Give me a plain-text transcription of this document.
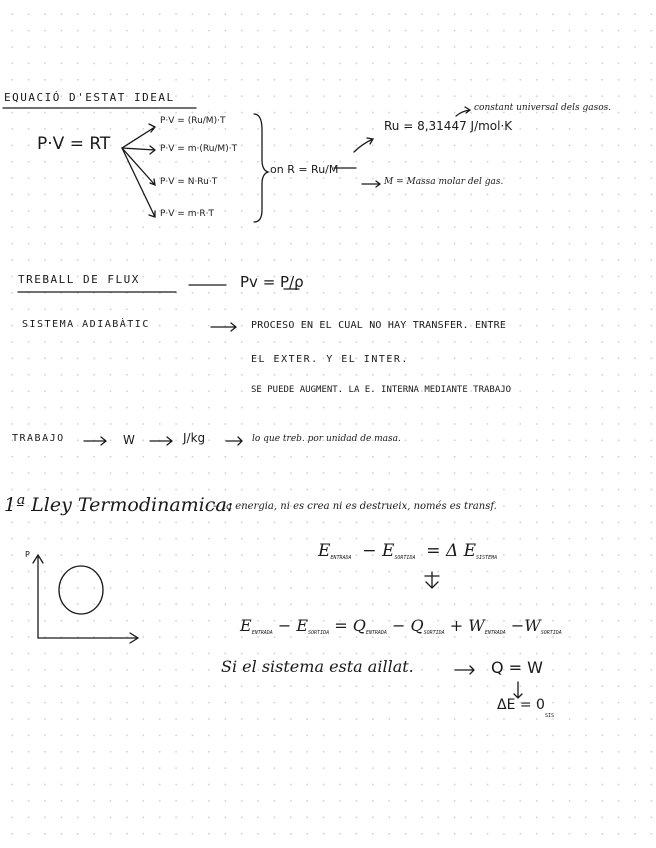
EQUACIÓ D'ESTAT IDEAL
P·V = RT
P·V = (Ru/M)·T
P·V = m·(Ru/M)·T
P·V = N·Ru·T
P·V = m·R·T
on R = Ru/M
Ru = 8,31447 J/mol·K
constant universal dels gasos.
M = Massa molar del gas.
TREBALL DE FLUX	Pv = P/ρ
SISTEMA ADIABÀTIC	PROCESO EN EL CUAL NO HAY TRANSFER. ENTRE
EL EXTER. Y EL INTER.
SE PUEDE AUGMENT. LA E. INTERNA MEDIANTE TRABAJO
TRABAJO	W	J/kg	lo que treb. por unidad de masa.
1ª Lley Termodinamica:
-- la energia, ni es crea ni es destrueix, només es transf.
P	$E_{ENTRADA} - E_{SORTIDA} = \Delta$ $E_{SISTEMA}$
$E_{ENTRADA} - E_{SORTIDA} = Q_{ENTRADA} - Q_{SORTIDA} + W_{ENTRADA} -W_{SORTIDA}$
Si el sistema esta aillat.	Q = W
$\Delta E = 0_{SIS}$
